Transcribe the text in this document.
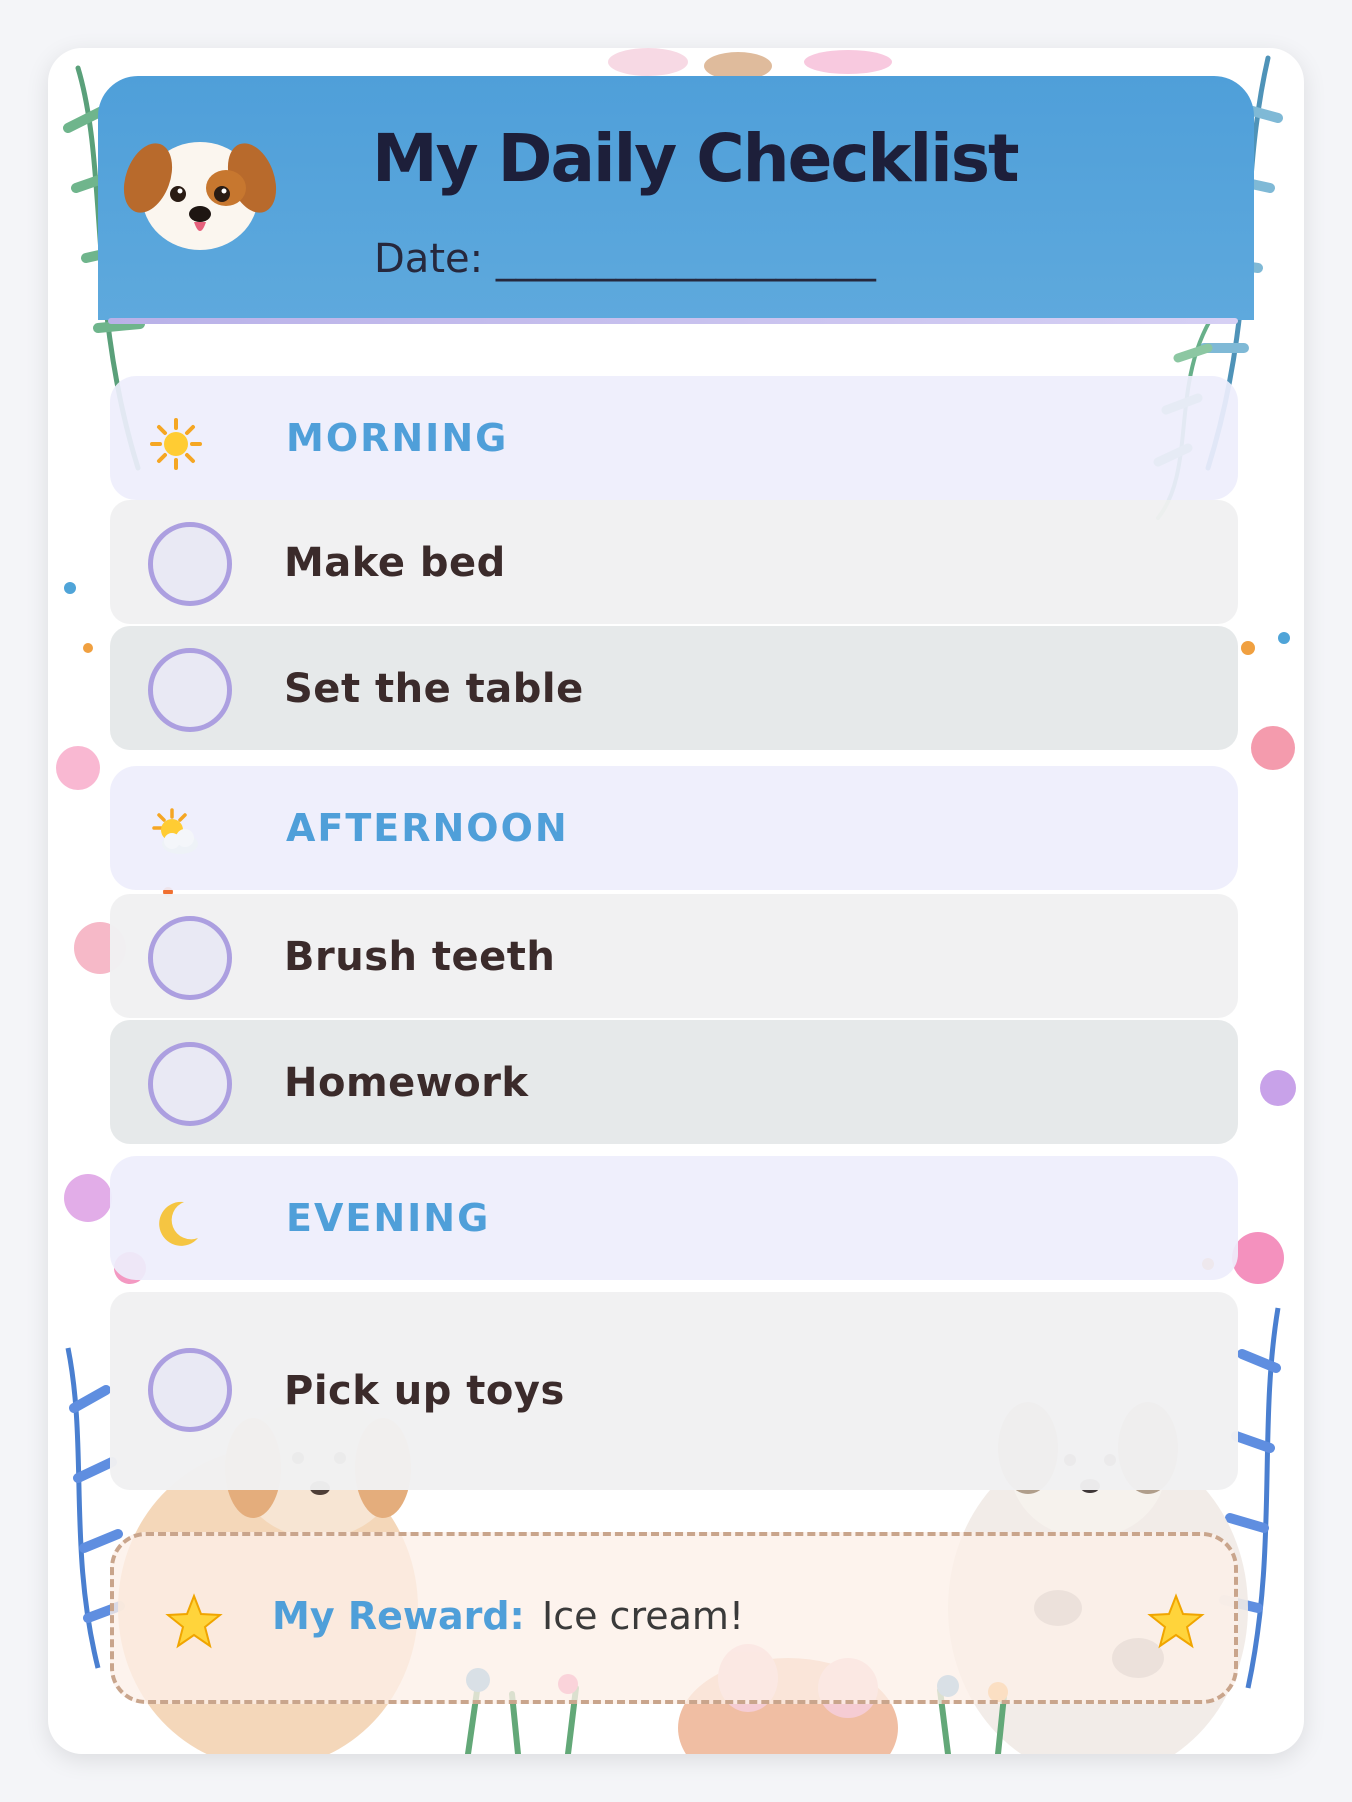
My Daily Checklist
Date: ___________________
MORNING
Make bed
Set the table
AFTERNOON
Brush teeth
Homework
EVENING
Pick up toys
My Reward: Ice cream!
